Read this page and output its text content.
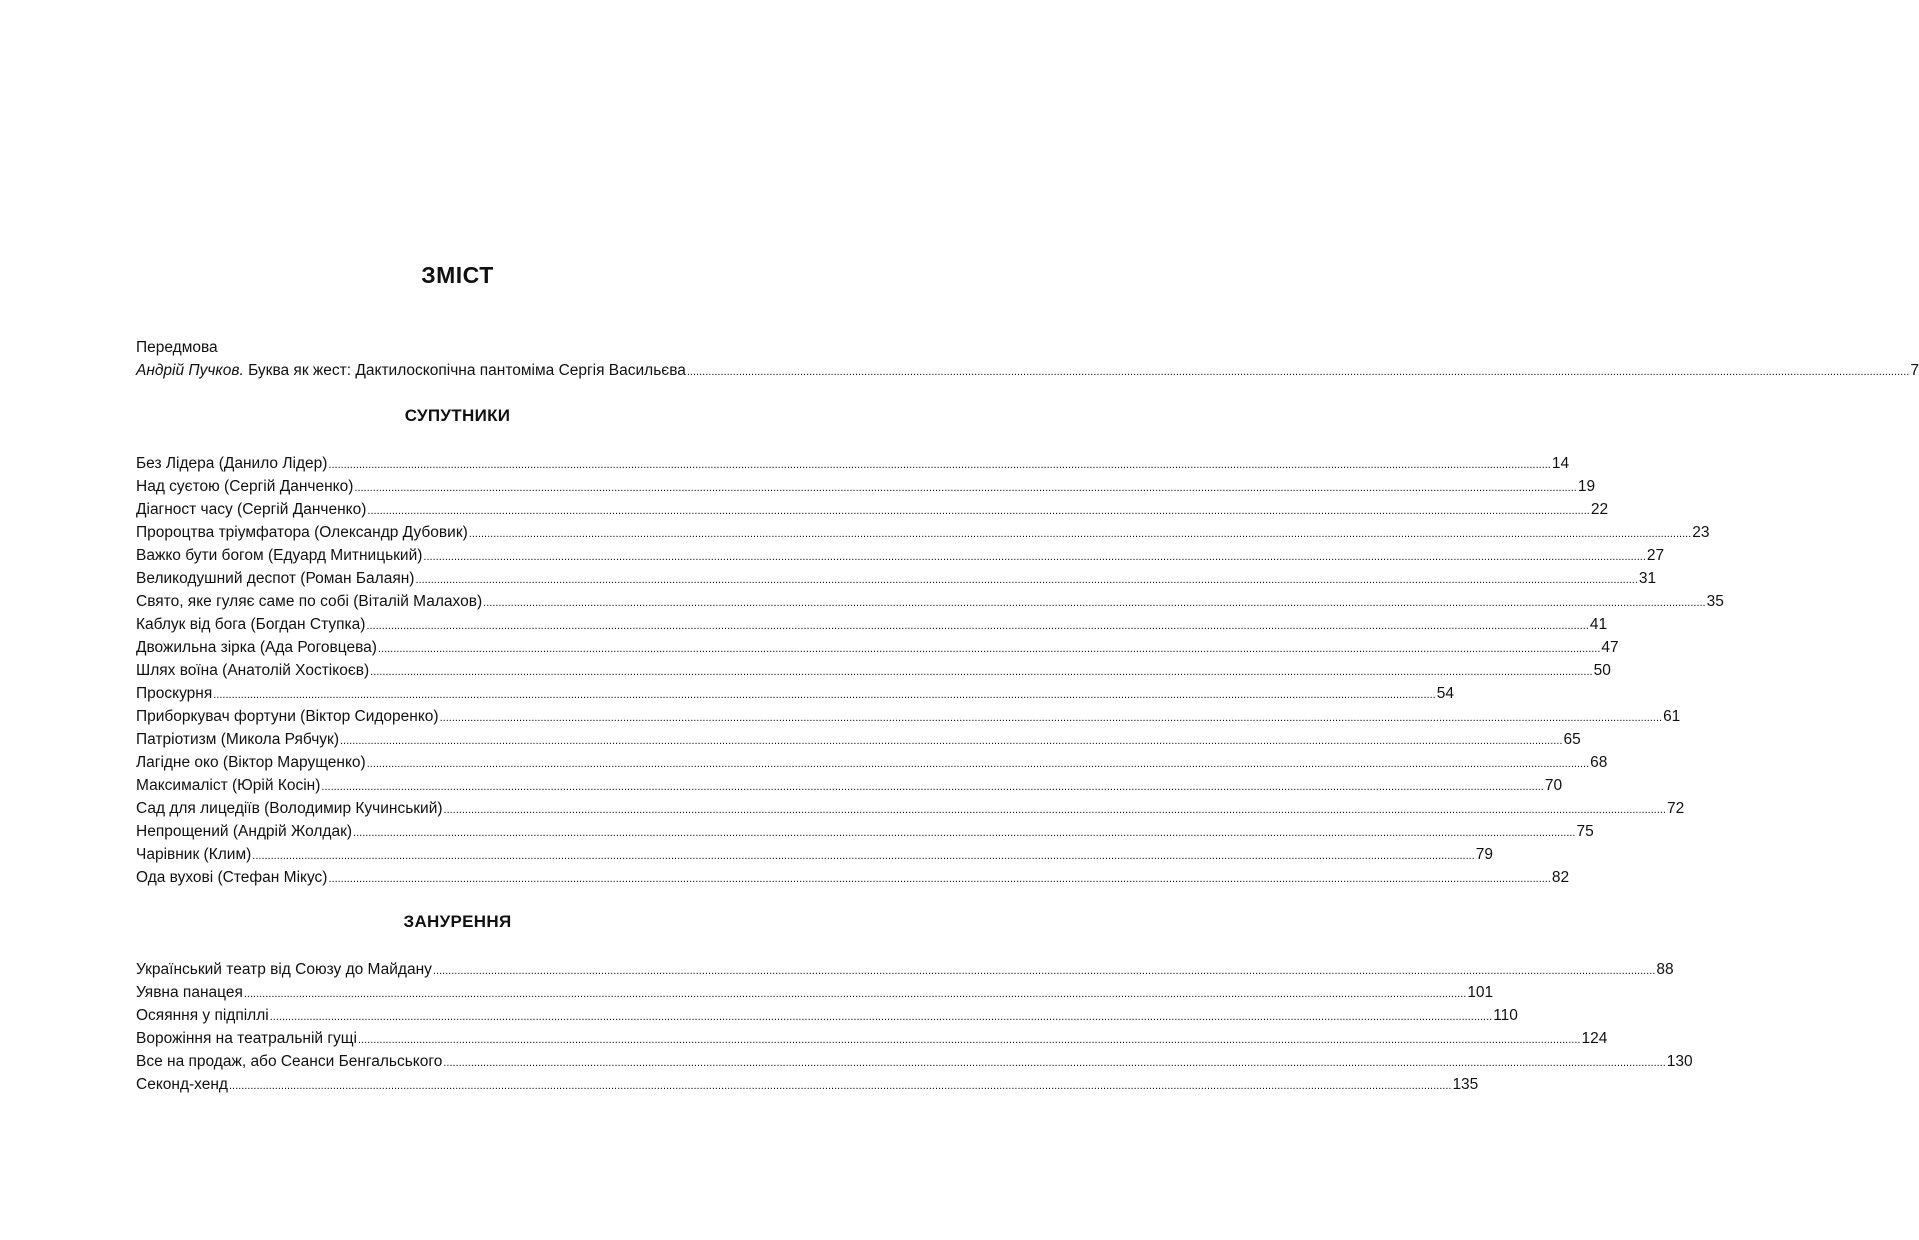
ЗМІСТ
Передмова
Андрій Пучков. Буква як жест: Дактилоскопічна пантоміма Сергія Васильєва ................................................................................................................................................................................................................................................................................................................................................................................................................ 7
СУПУТНИКИ
Без Лідера (Данило Лідер) ................................................................................................................................................................................................................................................................................................................................................................................................................ 14
Над суєтою (Сергій Данченко) ................................................................................................................................................................................................................................................................................................................................................................................................................ 19
Діагност часу (Сергій Данченко) ................................................................................................................................................................................................................................................................................................................................................................................................................ 22
Пророцтва тріумфатора (Олександр Дубовик) ................................................................................................................................................................................................................................................................................................................................................................................................................ 23
Важко бути богом (Едуард Митницький) ................................................................................................................................................................................................................................................................................................................................................................................................................ 27
Великодушний деспот (Роман Балаян) ................................................................................................................................................................................................................................................................................................................................................................................................................ 31
Свято, яке гуляє саме по собі (Віталій Малахов) ................................................................................................................................................................................................................................................................................................................................................................................................................ 35
Каблук від бога (Богдан Ступка) ................................................................................................................................................................................................................................................................................................................................................................................................................ 41
Двожильна зірка (Ада Роговцева) ................................................................................................................................................................................................................................................................................................................................................................................................................ 47
Шлях воїна (Анатолій Хостікоєв) ................................................................................................................................................................................................................................................................................................................................................................................................................ 50
Проскурня ................................................................................................................................................................................................................................................................................................................................................................................................................ 54
Приборкувач фортуни (Віктор Сидоренко) ................................................................................................................................................................................................................................................................................................................................................................................................................ 61
Патріотизм (Микола Рябчук) ................................................................................................................................................................................................................................................................................................................................................................................................................ 65
Лагідне око (Віктор Марущенко) ................................................................................................................................................................................................................................................................................................................................................................................................................ 68
Максималіст (Юрій Косін) ................................................................................................................................................................................................................................................................................................................................................................................................................ 70
Сад для лицедіїв (Володимир Кучинський) ................................................................................................................................................................................................................................................................................................................................................................................................................ 72
Непрощений (Андрій Жолдак) ................................................................................................................................................................................................................................................................................................................................................................................................................ 75
Чарівник (Клим) ................................................................................................................................................................................................................................................................................................................................................................................................................ 79
Ода вухові (Стефан Мікус) ................................................................................................................................................................................................................................................................................................................................................................................................................ 82
ЗАНУРЕННЯ
Український театр від Союзу до Майдану ................................................................................................................................................................................................................................................................................................................................................................................................................ 88
Уявна панацея ................................................................................................................................................................................................................................................................................................................................................................................................................ 101
Осяяння у підпіллі ................................................................................................................................................................................................................................................................................................................................................................................................................ 110
Ворожіння на театральній гущі ................................................................................................................................................................................................................................................................................................................................................................................................................ 124
Все на продаж, або Сеанси Бенгальського ................................................................................................................................................................................................................................................................................................................................................................................................................ 130
Секонд-хенд ................................................................................................................................................................................................................................................................................................................................................................................................................ 135
